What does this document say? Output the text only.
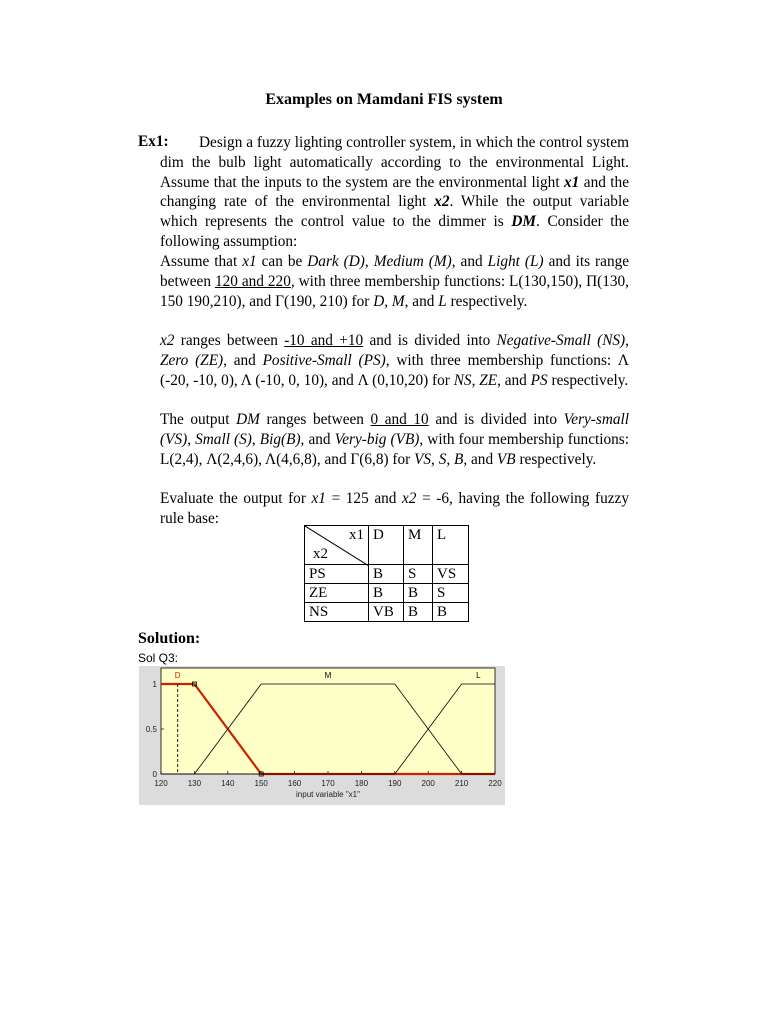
Examples on Mamdani FIS system
Ex1:	Design a fuzzy lighting controller system, in which the control system dim the bulb light automatically according to the environmental Light. Assume that the inputs to the system are the environmental light x1 and the changing rate of the environmental light x2. While the output variable which represents the control value to the dimmer is DM. Consider the following assumption:
Assume that x1 can be Dark (D), Medium (M), and Light (L) and its range between 120 and 220, with three membership functions: L(130,150), Π(130, 150 190,210), and Γ(190, 210) for D, M, and L respectively.
x2 ranges between -10 and +10 and is divided into Negative-Small (NS), Zero (ZE), and Positive-Small (PS), with three membership functions: Λ (-20, -10, 0), Λ (-10, 0, 10), and Λ (0,10,20) for NS, ZE, and PS respectively.
The output DM ranges between 0 and 10 and is divided into Very-small (VS), Small (S), Big(B), and Very-big (VB), with four membership functions: L(2,4), Λ(2,4,6), Λ(4,6,8), and Γ(6,8) for VS, S, B, and VB respectively.
Evaluate the output for x1 = 125 and x2 = -6, having the following fuzzy rule base:
x1
x2	D	M	L
PS	B	S	VS
ZE	B	B	S
NS	VB	B	B
Solution:
Sol Q3:
120	130	140	150	160	170	180	190	200	210	220
0
0.5
1
input variable "x1"
D	M	L
